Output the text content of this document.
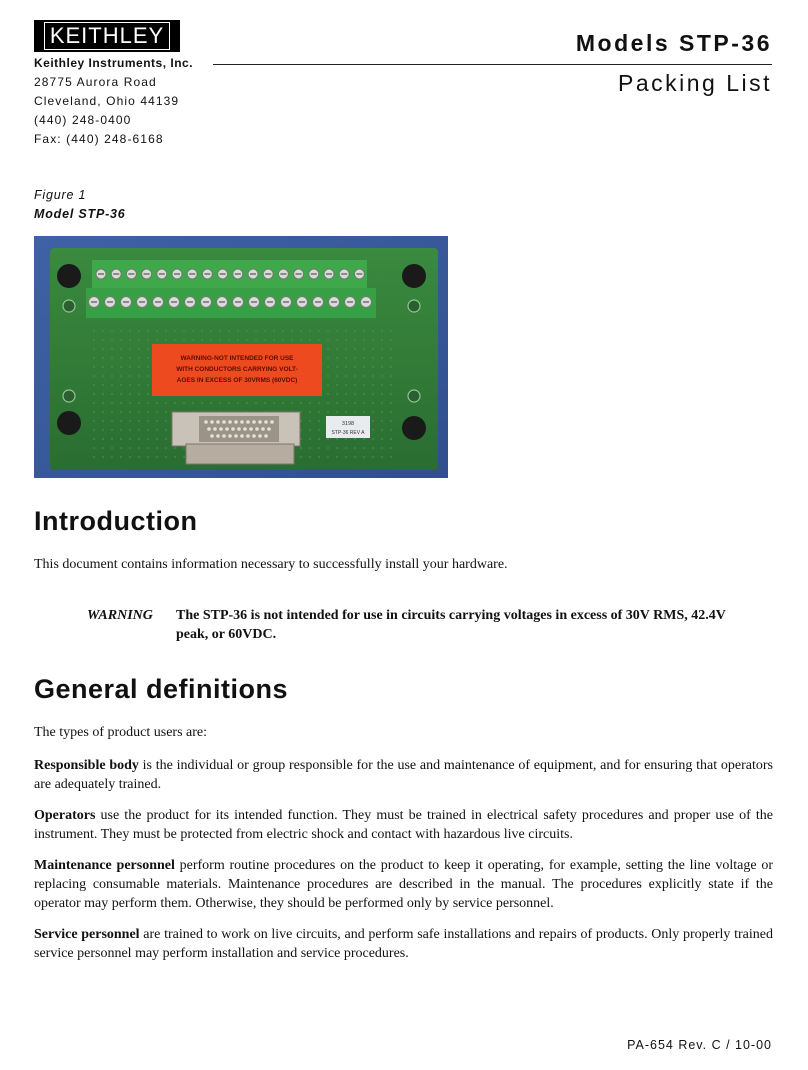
KEITHLEY
Keithley Instruments, Inc.
28775 Aurora Road
Cleveland, Ohio 44139
(440) 248-0400
Fax: (440) 248-6168
Models STP-36
Packing List
Figure 1
Model STP-36
WARNING-NOT INTENDED FOR USE
WITH CONDUCTORS CARRYING VOLT-
AGES IN EXCESS OF 30VRMS (60VDC)
3198
STP-36 REV A
Introduction

This document contains information necessary to successfully install your hardware.

WARNING The STP-36 is not intended for use in circuits carrying voltages in excess of 30V RMS, 42.4V peak, or 60VDC.
General definitions

The types of product users are:

Responsible body is the individual or group responsible for the use and maintenance of equipment, and for ensuring that operators are adequately trained.

Operators use the product for its intended function. They must be trained in electrical safety procedures and proper use of the instrument. They must be protected from electric shock and contact with hazardous live circuits.

Maintenance personnel perform routine procedures on the product to keep it operating, for example, setting the line voltage or replacing consumable materials. Maintenance procedures are described in the manual. The procedures explicitly state if the operator may perform them. Otherwise, they should be performed only by service personnel.

Service personnel are trained to work on live circuits, and perform safe installations and repairs of products. Only properly trained service personnel may perform installation and service procedures.

PA-654 Rev. C / 10-00
